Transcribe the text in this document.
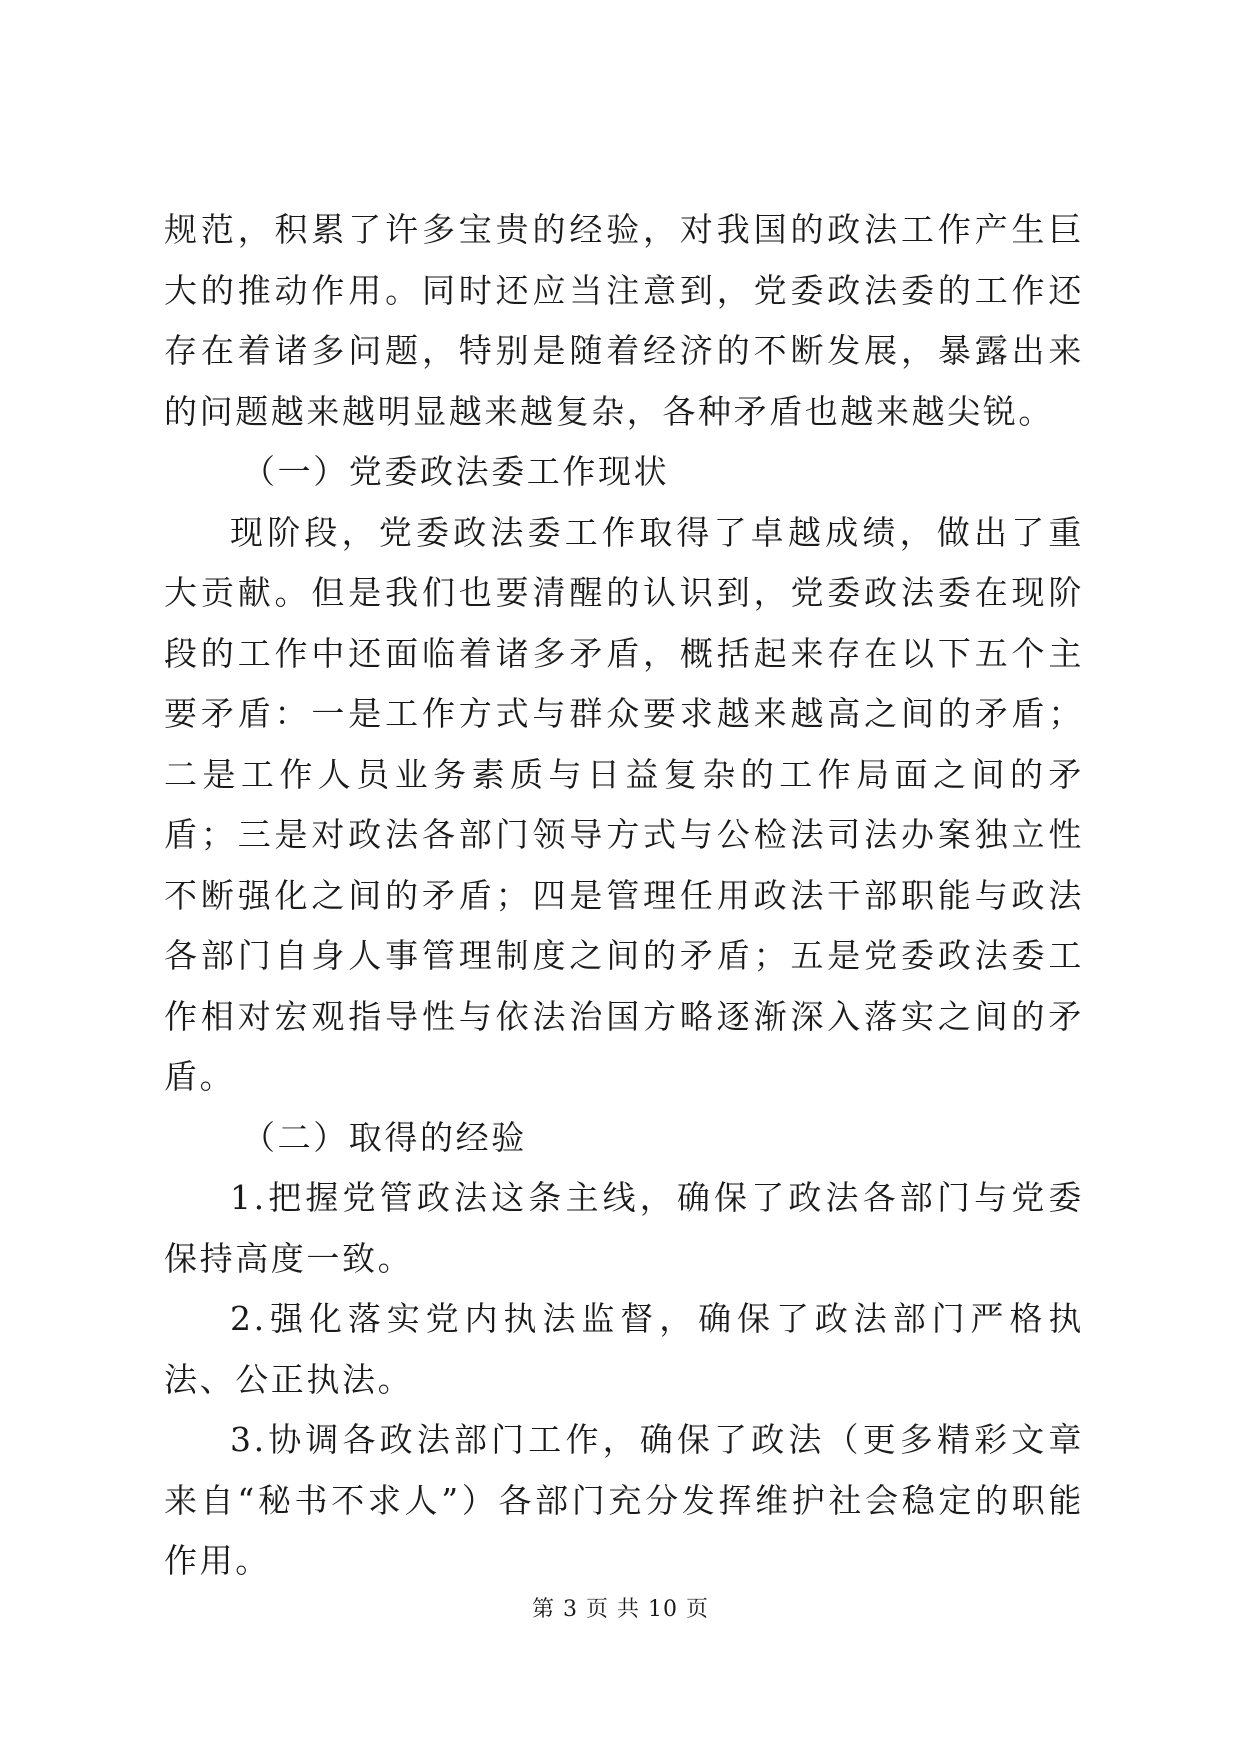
规范，积累了许多宝贵的经验，对我国的政法工作产生巨大的推动作用。同时还应当注意到，党委政法委的工作还存在着诸多问题，特别是随着经济的不断发展，暴露出来的问题越来越明显越来越复杂，各种矛盾也越来越尖锐。

（一）党委政法委工作现状

现阶段，党委政法委工作取得了卓越成绩，做出了重大贡献。但是我们也要清醒的认识到，党委政法委在现阶段的工作中还面临着诸多矛盾，概括起来存在以下五个主要矛盾：一是工作方式与群众要求越来越高之间的矛盾；二是工作人员业务素质与日益复杂的工作局面之间的矛盾；三是对政法各部门领导方式与公检法司法办案独立性不断强化之间的矛盾；四是管理任用政法干部职能与政法各部门自身人事管理制度之间的矛盾；五是党委政法委工作相对宏观指导性与依法治国方略逐渐深入落实之间的矛盾。

（二）取得的经验

1.把握党管政法这条主线，确保了政法各部门与党委保持高度一致。

2.强化落实党内执法监督，确保了政法部门严格执法、公正执法。

3.协调各政法部门工作，确保了政法（更多精彩文章来自“秘书不求人”）各部门充分发挥维护社会稳定的职能作用。

第 3 页 共 10 页
